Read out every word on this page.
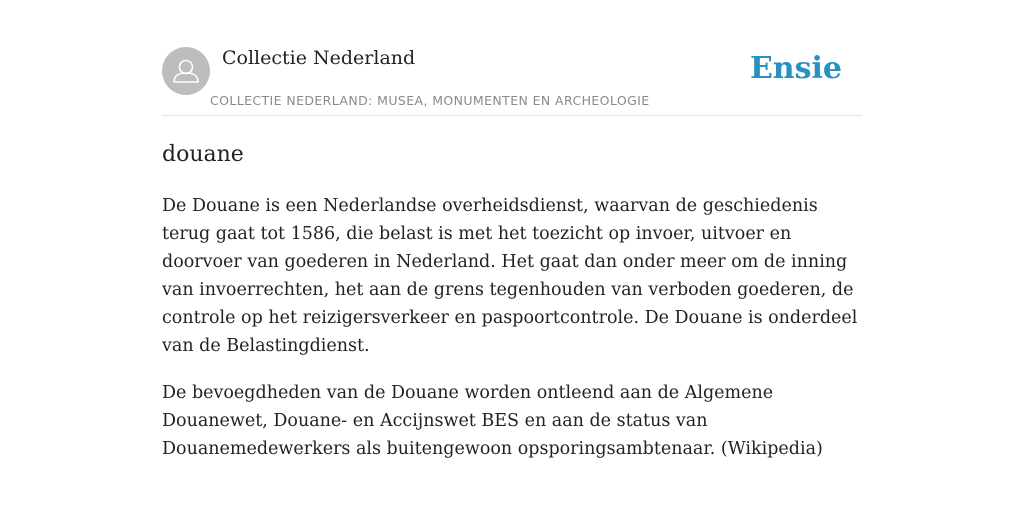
Collectie Nederland
COLLECTIE NEDERLAND: MUSEA, MONUMENTEN EN ARCHEOLOGIE
Ensie
douane

De Douane is een Nederlandse overheidsdienst, waarvan de geschiedenis terug gaat tot 1586, die belast is met het toezicht op invoer, uitvoer en doorvoer van goederen in Nederland. Het gaat dan onder meer om de inning van invoerrechten, het aan de grens tegenhouden van verboden goederen, de controle op het reizigersverkeer en paspoortcontrole. De Douane is onderdeel van de Belastingdienst.

De bevoegdheden van de Douane worden ontleend aan de Algemene Douanewet, Douane- en Accijnswet BES en aan de status van Douanemedewerkers als buitengewoon opsporingsambtenaar. (Wikipedia)
